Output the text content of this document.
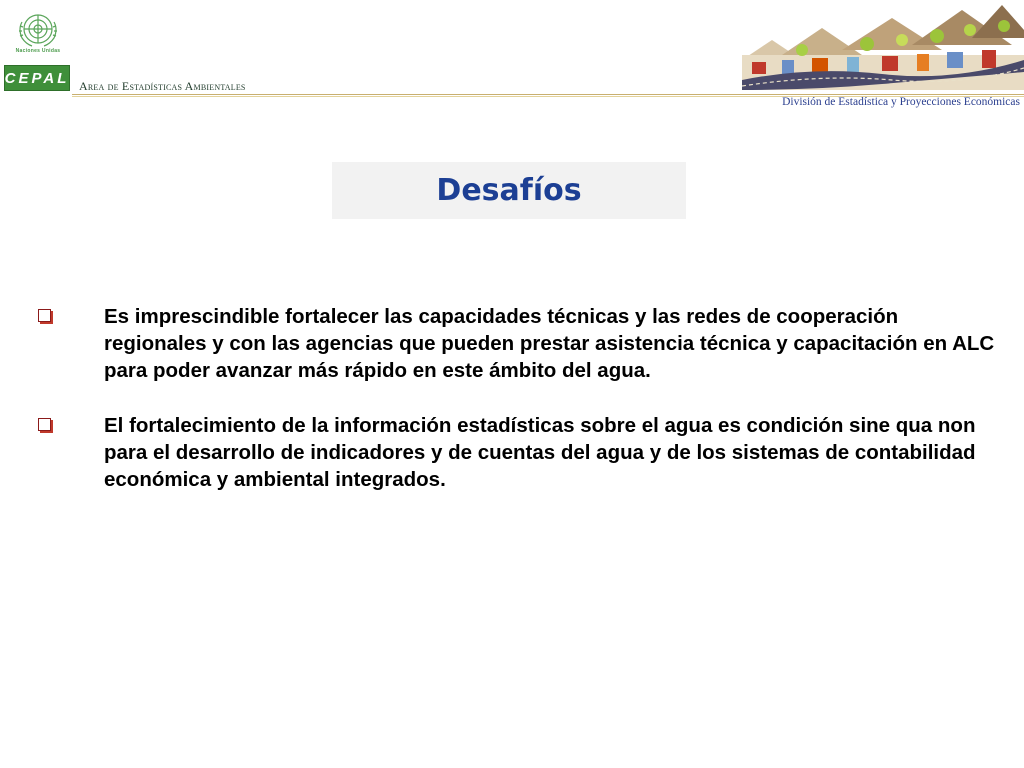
Naciones Unidas
CEPAL Area de Estadísticas Ambientales
División de Estadística y Proyecciones Económicas
Desafíos

Es imprescindible fortalecer las capacidades técnicas y las redes de cooperación regionales y con las agencias que pueden prestar asistencia técnica y capacitación en ALC para poder avanzar más rápido en este ámbito del agua.

El fortalecimiento de la información estadísticas sobre el agua es condición sine qua non para el desarrollo de indicadores y de cuentas del agua y de los sistemas de contabilidad económica y ambiental integrados.
